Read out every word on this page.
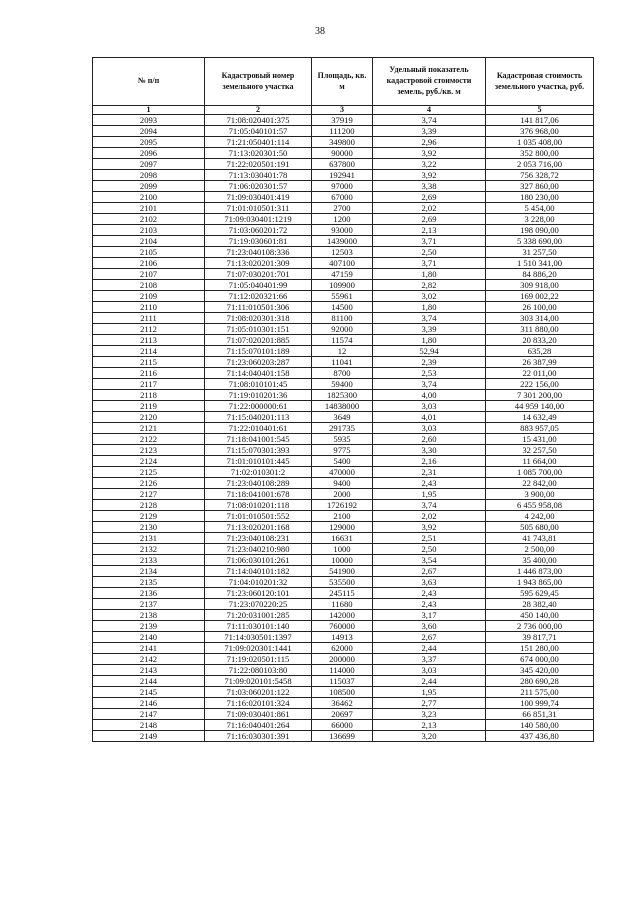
38
№ п/п	Кадастровый номер земельного участка	Площадь, кв. м	Удельный показатель кадастровой стоимости земель, руб./кв. м	Кадастровая стоимость земельного участка, руб.
1	2	3	4	5
2093	71:08:020401:375	37919	3,74	141 817,06
2094	71:05:040101:57	111200	3,39	376 968,00
2095	71:21:050401:114	349800	2,96	1 035 408,00
2096	71:13:020301:50	90000	3,92	352 800,00
2097	71:22:020501:191	637800	3,22	2 053 716,00
2098	71:13:030401:78	192941	3,92	756 328,72
2099	71:06:020301:57	97000	3,38	327 860,00
2100	71:09:030401:419	67000	2,69	180 230,00
2101	71:01:010501:311	2700	2,02	5 454,00
2102	71:09:030401:1219	1200	2,69	3 228,00
2103	71:03:060201:72	93000	2,13	198 090,00
2104	71:19:030601:81	1439000	3,71	5 338 690,00
2105	71:23:040108:336	12503	2,50	31 257,50
2106	71:13:020201:309	407100	3,71	1 510 341,00
2107	71:07:030201:701	47159	1,80	84 886,20
2108	71:05:040401:99	109900	2,82	309 918,00
2109	71:12:020321:66	55961	3,02	169 002,22
2110	71:11:010501:306	14500	1,80	26 100,00
2111	71:08:020301:318	81100	3,74	303 314,00
2112	71:05:010301:151	92000	3,39	311 880,00
2113	71:07:020201:885	11574	1,80	20 833,20
2114	71:15:070101:189	12	52,94	635,28
2115	71:23:060203:287	11041	2,39	26 387,99
2116	71:14:040401:158	8700	2,53	22 011,00
2117	71:08:010101:45	59400	3,74	222 156,00
2118	71:19:010201:36	1825300	4,00	7 301 200,00
2119	71:22:000000:61	14838000	3,03	44 959 140,00
2120	71:15:040201:113	3649	4,01	14 632,49
2121	71:22:010401:61	291735	3,03	883 957,05
2122	71:18:041001:545	5935	2,60	15 431,00
2123	71:15:070301:393	9775	3,30	32 257,50
2124	71:01:010101:445	5400	2,16	11 664,00
2125	71:02:010301:2	470000	2,31	1 085 700,00
2126	71:23:040108:289	9400	2,43	22 842,00
2127	71:18:041001:678	2000	1,95	3 900,00
2128	71:08:010201:118	1726192	3,74	6 455 958,08
2129	71:01:010501:552	2100	2,02	4 242,00
2130	71:13:020201:168	129000	3,92	505 680,00
2131	71:23:040108:231	16631	2,51	41 743,81
2132	71:23:040210:980	1000	2,50	2 500,00
2133	71:06:030101:261	10000	3,54	35 400,00
2134	71:14:040101:182	541900	2,67	1 446 873,00
2135	71:04:010201:32	535500	3,63	1 943 865,00
2136	71:23:060120:101	245115	2,43	595 629,45
2137	71:23:070220:25	11680	2,43	28 382,40
2138	71:20:031001:285	142000	3,17	450 140,00
2139	71:11:030101:140	760000	3,60	2 736 000,00
2140	71:14:030501:1397	14913	2,67	39 817,71
2141	71:09:020301:1441	62000	2,44	151 280,00
2142	71:19:020501:115	200000	3,37	674 000,00
2143	71:22:080103:80	114000	3,03	345 420,00
2144	71:09:020101:5458	115037	2,44	280 690,28
2145	71:03:060201:122	108500	1,95	211 575,00
2146	71:16:020101:324	36462	2,77	100 999,74
2147	71:09:030401:861	20697	3,23	66 851,31
2148	71:16:040401:264	66000	2,13	140 580,00
2149	71:16:030301:391	136699	3,20	437 436,80
